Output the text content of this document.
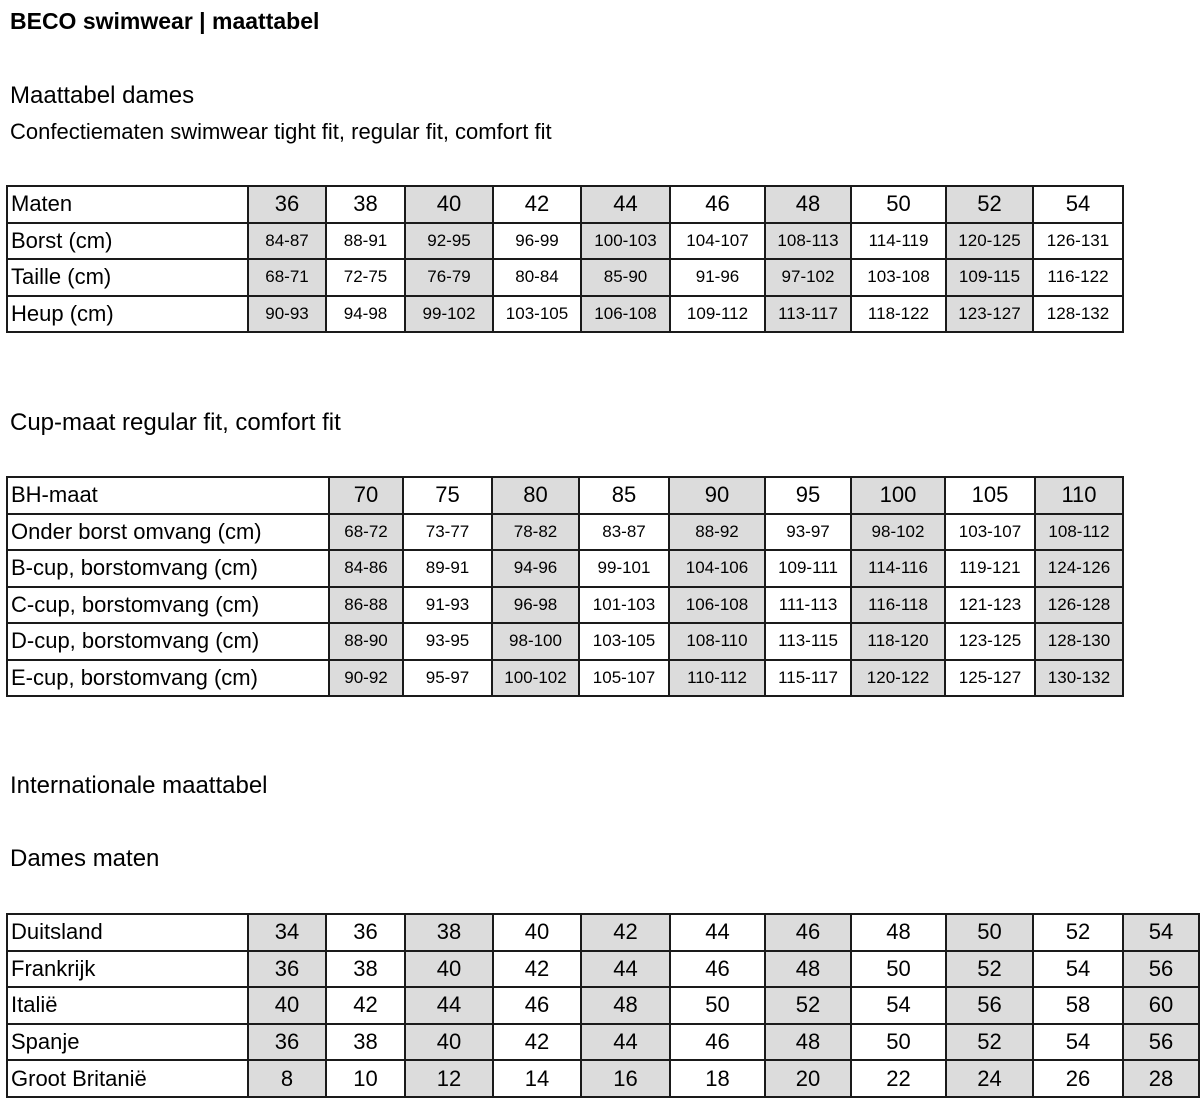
BECO swimwear | maattabel
Maattabel dames
Confectiematen swimwear tight fit, regular fit, comfort fit
Maten	36	38	40	42	44	46	48	50	52	54
Borst (cm)	84-87	88-91	92-95	96-99	100-103	104-107	108-113	114-119	120-125	126-131
Taille (cm)	68-71	72-75	76-79	80-84	85-90	91-96	97-102	103-108	109-115	116-122
Heup (cm)	90-93	94-98	99-102	103-105	106-108	109-112	113-117	118-122	123-127	128-132
Cup-maat regular fit, comfort fit
BH-maat	70	75	80	85	90	95	100	105	110
Onder borst omvang (cm)	68-72	73-77	78-82	83-87	88-92	93-97	98-102	103-107	108-112
B-cup, borstomvang (cm)	84-86	89-91	94-96	99-101	104-106	109-111	114-116	119-121	124-126
C-cup, borstomvang (cm)	86-88	91-93	96-98	101-103	106-108	111-113	116-118	121-123	126-128
D-cup, borstomvang (cm)	88-90	93-95	98-100	103-105	108-110	113-115	118-120	123-125	128-130
E-cup, borstomvang (cm)	90-92	95-97	100-102	105-107	110-112	115-117	120-122	125-127	130-132
Internationale maattabel
Dames maten
Duitsland	34	36	38	40	42	44	46	48	50	52	54
Frankrijk	36	38	40	42	44	46	48	50	52	54	56
Italië	40	42	44	46	48	50	52	54	56	58	60
Spanje	36	38	40	42	44	46	48	50	52	54	56
Groot Britanië	8	10	12	14	16	18	20	22	24	26	28
